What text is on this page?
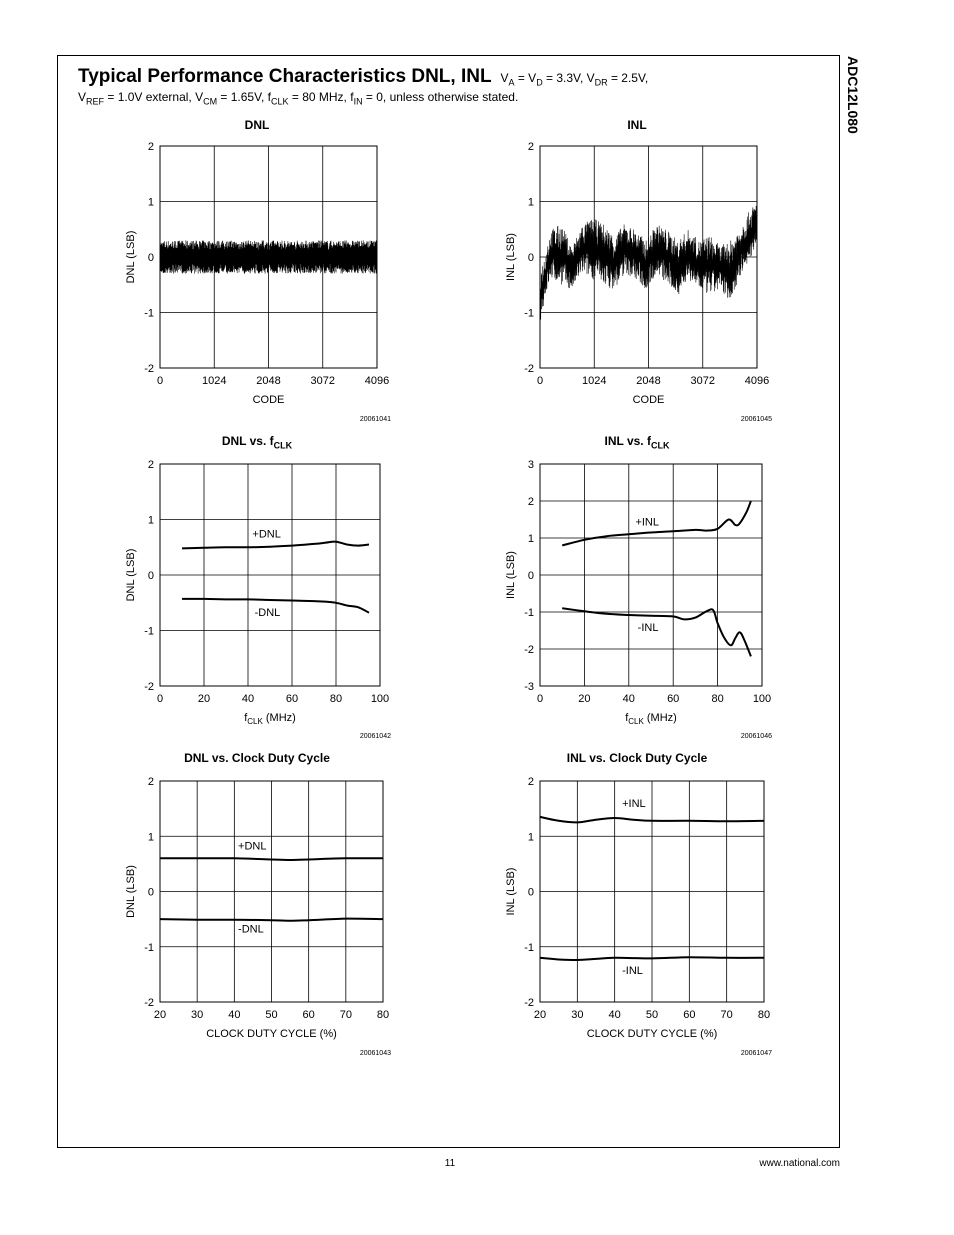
ADC12L080
Typical Performance Characteristics DNL, INL $V_A = V_D = 3.3V$, $V_{DR} = 2.5V$,
$V_{REF} = 1.0V$ external, $V_{CM} = 1.65V$, $f_{CLK} = 80$ MHz, $f_{IN} = 0$, unless otherwise stated.
DNL
20061041
0	1024	2048	3072	4096
-2
-1
0
1
2
CODE
DNL (LSB)
INL
20061045
0	1024	2048	3072	4096
-2
-1
0
1
2
CODE
INL (LSB)
DNL vs. $f_{CLK}$
20061042
0	20	40	60	80	100
-2
-1
0
1
2
$f_{CLK}$ (MHz)
DNL (LSB)
+DNL
-DNL
INL vs. $f_{CLK}$
20061046
0	20	40	60	80	100
-3
-2
-1
0
1
2
3
$f_{CLK}$ (MHz)
INL (LSB)
+INL
-INL
DNL vs. Clock Duty Cycle
20061043
20 30 40 50 60 70 80
-2
-1
0
1
2
CLOCK DUTY CYCLE (%)
DNL (LSB)
+DNL
-DNL
INL vs. Clock Duty Cycle
20061047
20 30 40 50 60 70 80
-2
-1
0
1
2
CLOCK DUTY CYCLE (%)
INL (LSB)
+INL
-INL
11	www.national.com
